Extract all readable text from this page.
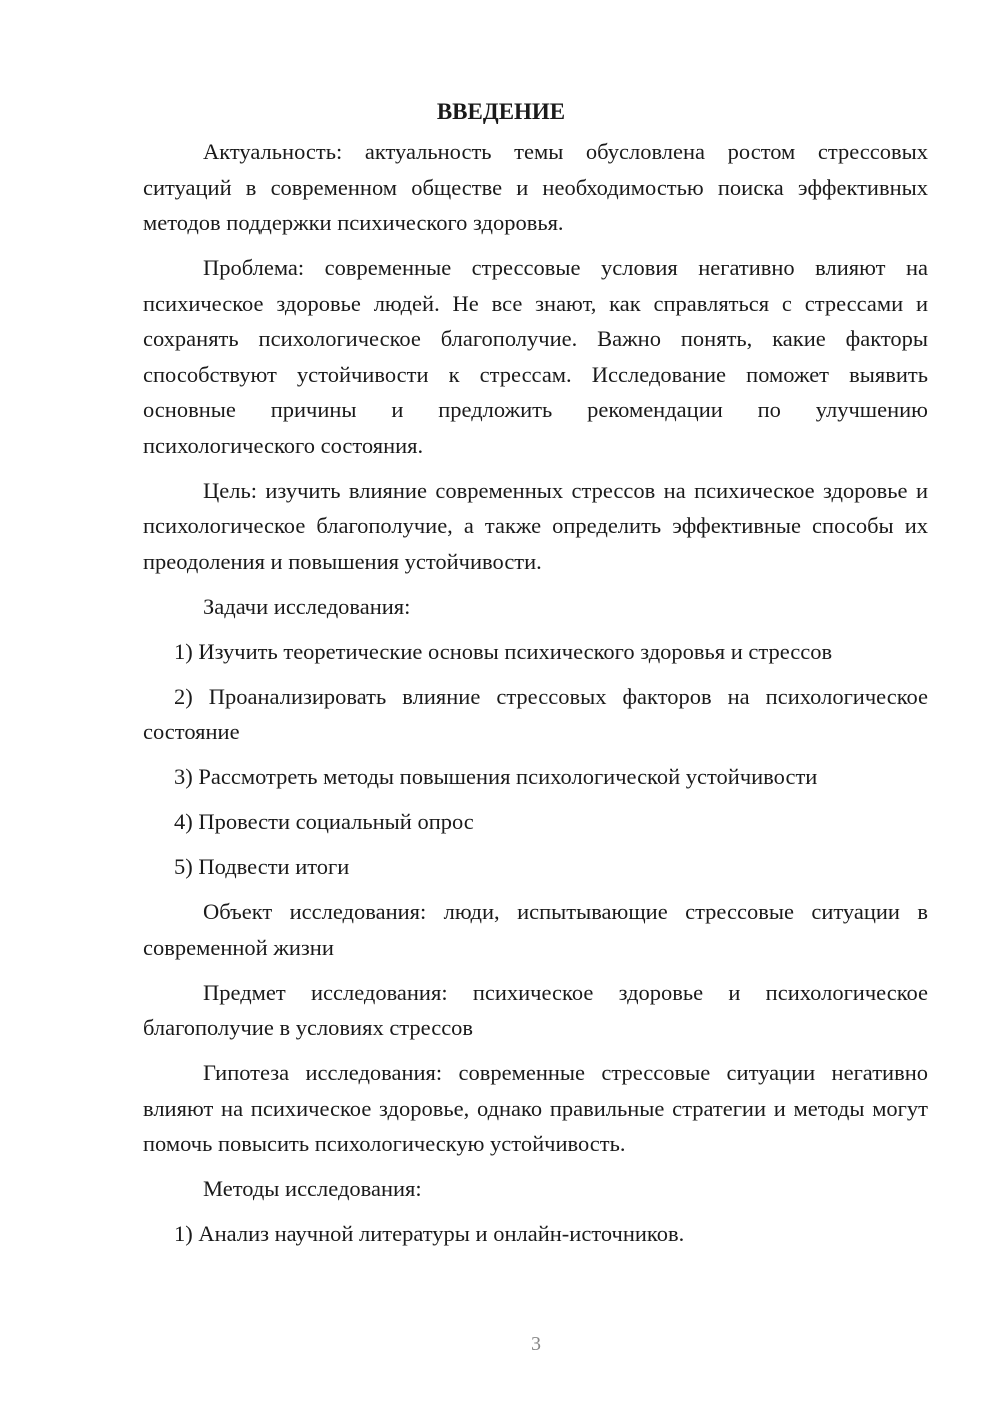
ВВЕДЕНИЕ

Актуальность: актуальность темы обусловлена ростом стрессовых ситуаций в современном обществе и необходимостью поиска эффективных методов поддержки психического здоровья.

Проблема: современные стрессовые условия негативно влияют на психическое здоровье людей. Не все знают, как справляться с стрессами и сохранять психологическое благополучие. Важно понять, какие факторы способствуют устойчивости к стрессам. Исследование поможет выявить основные причины и предложить рекомендации по улучшению психологического состояния.

Цель: изучить влияние современных стрессов на психическое здоровье и психологическое благополучие, а также определить эффективные способы их преодоления и повышения устойчивости.

Задачи исследования:

1) Изучить теоретические основы психического здоровья и стрессов

2) Проанализировать влияние стрессовых факторов на психологическое состояние

3) Рассмотреть методы повышения психологической устойчивости

4) Провести социальный опрос

5) Подвести итоги

Объект исследования: люди, испытывающие стрессовые ситуации в современной жизни

Предмет исследования: психическое здоровье и психологическое благополучие в условиях стрессов

Гипотеза исследования: современные стрессовые ситуации негативно влияют на психическое здоровье, однако правильные стратегии и методы могут помочь повысить психологическую устойчивость.

Методы исследования:

1) Анализ научной литературы и онлайн-источников.

3
